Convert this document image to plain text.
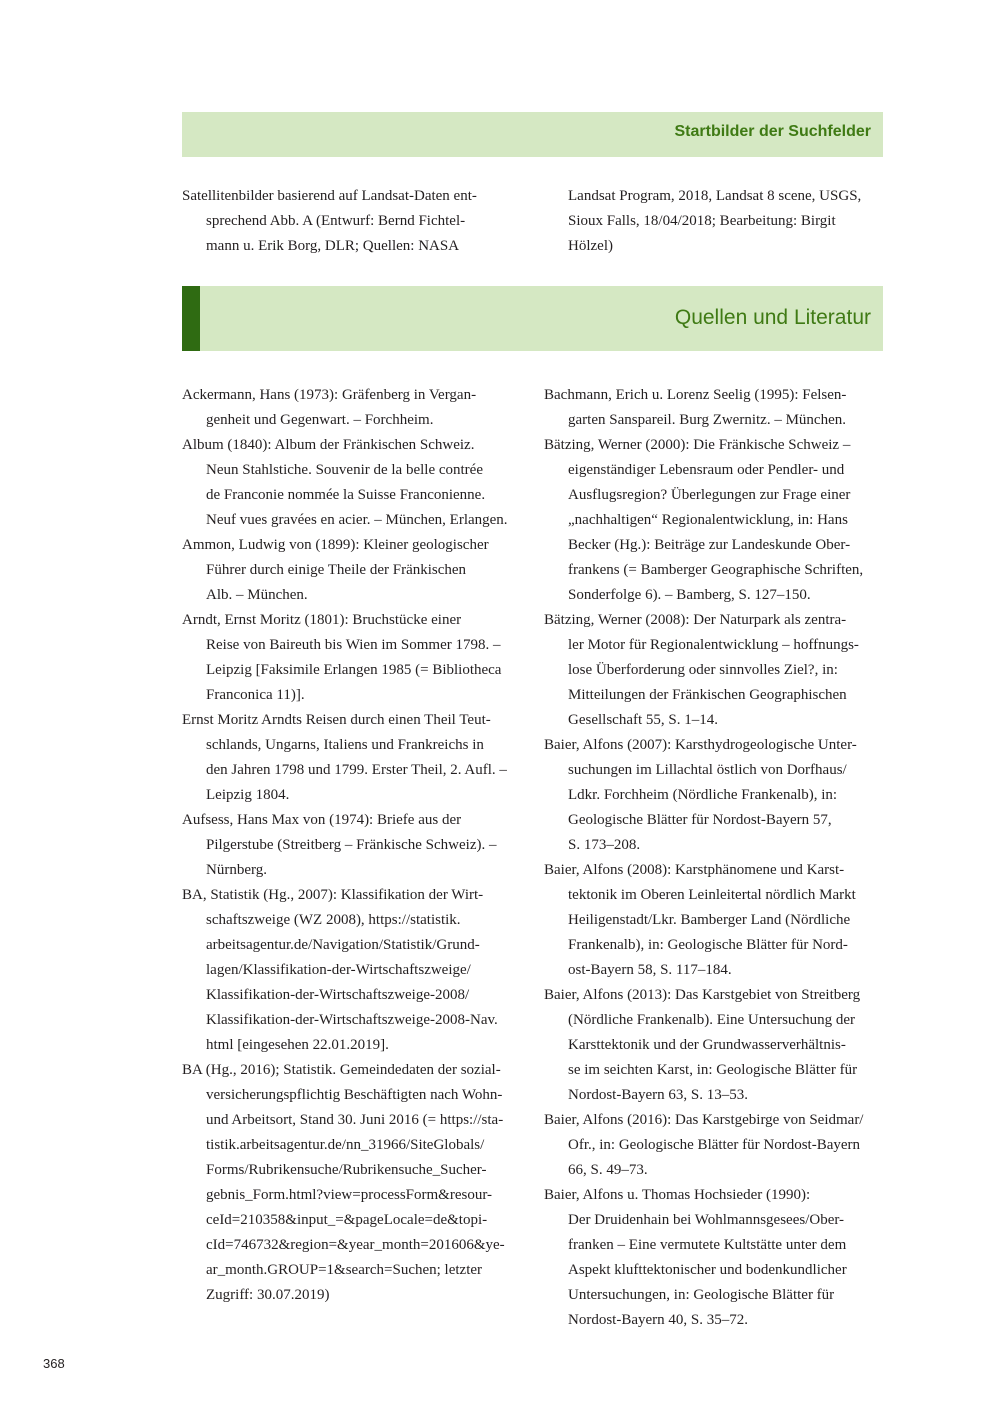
Startbilder der Suchfelder
Satellitenbilder basierend auf Landsat-Daten ent-
sprechend Abb. A (Entwurf: Bernd Fichtel-
mann u. Erik Borg, DLR; Quellen: NASA
Landsat Program, 2018, Landsat 8 scene, USGS,
Sioux Falls, 18/04/2018; Bearbeitung: Birgit
Hölzel)
Quellen und Literatur
Ackermann, Hans (1973): Gräfenberg in Vergan-
genheit und Gegenwart. – Forchheim.
Album (1840): Album der Fränkischen Schweiz.
Neun Stahlstiche. Souvenir de la belle contrée
de Franconie nommée la Suisse Franconienne.
Neuf vues gravées en acier. – München, Erlangen.
Ammon, Ludwig von (1899): Kleiner geologischer
Führer durch einige Theile der Fränkischen
Alb. – München.
Arndt, Ernst Moritz (1801): Bruchstücke einer
Reise von Baireuth bis Wien im Sommer 1798. –
Leipzig [Faksimile Erlangen 1985 (= Bibliotheca
Franconica 11)].
Ernst Moritz Arndts Reisen durch einen Theil Teut-
schlands, Ungarns, Italiens und Frankreichs in
den Jahren 1798 und 1799. Erster Theil, 2. Aufl. –
Leipzig 1804.
Aufsess, Hans Max von (1974): Briefe aus der
Pilgerstube (Streitberg – Fränkische Schweiz). –
Nürnberg.
BA, Statistik (Hg., 2007): Klassifikation der Wirt-
schaftszweige (WZ 2008), https://statistik.
arbeitsagentur.de/Navigation/Statistik/Grund-
lagen/Klassifikation-der-Wirtschaftszweige/
Klassifikation-der-Wirtschaftszweige-2008/
Klassifikation-der-Wirtschaftszweige-2008-Nav.
html [eingesehen 22.01.2019].
BA (Hg., 2016); Statistik. Gemeindedaten der sozial-
versicherungspflichtig Beschäftigten nach Wohn-
und Arbeitsort, Stand 30. Juni 2016 (= https://sta-
tistik.arbeitsagentur.de/nn_31966/SiteGlobals/
Forms/Rubrikensuche/Rubrikensuche_Sucher-
gebnis_Form.html?view=processForm&resour-
ceId=210358&input_=&pageLocale=de&topi-
cId=746732&region=&year_month=201606&ye-
ar_month.GROUP=1&search=Suchen; letzter
Zugriff: 30.07.2019)
Bachmann, Erich u. Lorenz Seelig (1995): Felsen-
garten Sanspareil. Burg Zwernitz. – München.
Bätzing, Werner (2000): Die Fränkische Schweiz –
eigenständiger Lebensraum oder Pendler- und
Ausflugsregion? Überlegungen zur Frage einer
„nachhaltigen“ Regionalentwicklung, in: Hans
Becker (Hg.): Beiträge zur Landeskunde Ober-
frankens (= Bamberger Geographische Schriften,
Sonderfolge 6). – Bamberg, S. 127–150.
Bätzing, Werner (2008): Der Naturpark als zentra-
ler Motor für Regionalentwicklung – hoffnungs-
lose Überforderung oder sinnvolles Ziel?, in:
Mitteilungen der Fränkischen Geographischen
Gesellschaft 55, S. 1–14.
Baier, Alfons (2007): Karsthydrogeologische Unter-
suchungen im Lillachtal östlich von Dorfhaus/
Ldkr. Forchheim (Nördliche Frankenalb), in:
Geologische Blätter für Nordost-Bayern 57,
S. 173–208.
Baier, Alfons (2008): Karstphänomene und Karst-
tektonik im Oberen Leinleitertal nördlich Markt
Heiligenstadt/Lkr. Bamberger Land (Nördliche
Frankenalb), in: Geologische Blätter für Nord-
ost-Bayern 58, S. 117–184.
Baier, Alfons (2013): Das Karstgebiet von Streitberg
(Nördliche Frankenalb). Eine Untersuchung der
Karsttektonik und der Grundwasserverhältnis-
se im seichten Karst, in: Geologische Blätter für
Nordost-Bayern 63, S. 13–53.
Baier, Alfons (2016): Das Karstgebirge von Seidmar/
Ofr., in: Geologische Blätter für Nordost-Bayern
66, S. 49–73.
Baier, Alfons u. Thomas Hochsieder (1990):
Der Druidenhain bei Wohlmannsgesees/Ober-
franken – Eine vermutete Kultstätte unter dem
Aspekt klufttektonischer und bodenkundlicher
Untersuchungen, in: Geologische Blätter für
Nordost-Bayern 40, S. 35–72.
368
